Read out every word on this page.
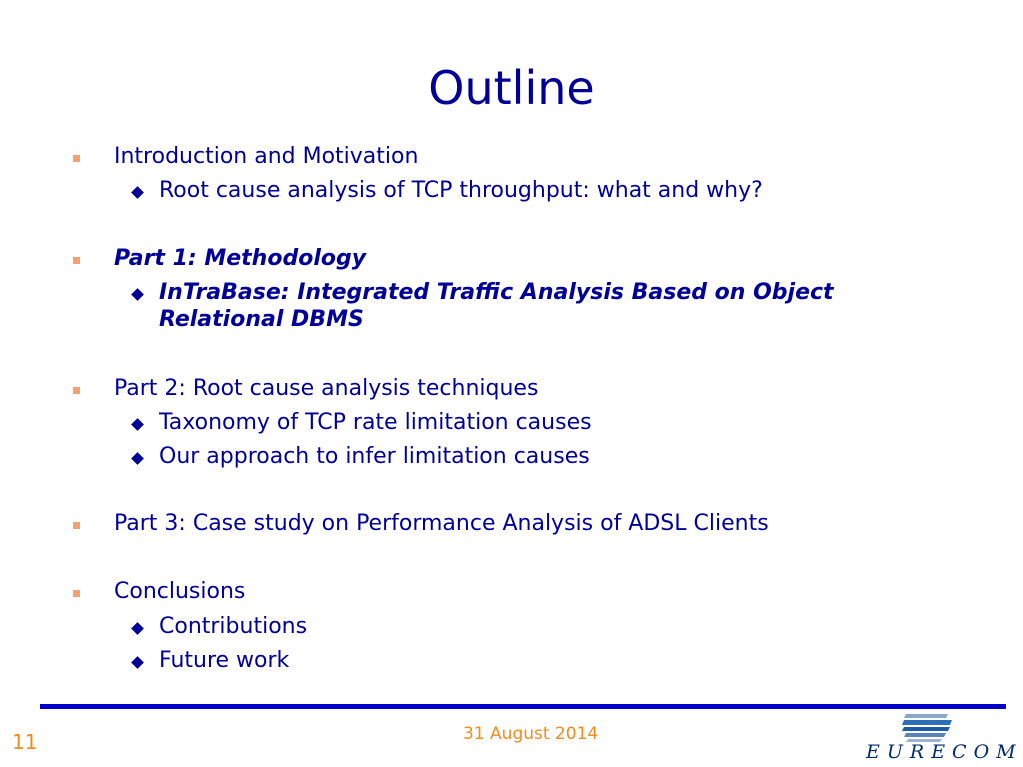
Outline
Introduction and Motivation
Root cause analysis of TCP throughput: what and why?
Part 1: Methodology
InTraBase: Integrated Traffic Analysis Based on Object Relational DBMS
Part 2: Root cause analysis techniques
Taxonomy of TCP rate limitation causes
Our approach to infer limitation causes
Part 3: Case study on Performance Analysis of ADSL Clients
Conclusions
Contributions
Future work
11	31 August 2014
EURECOM
